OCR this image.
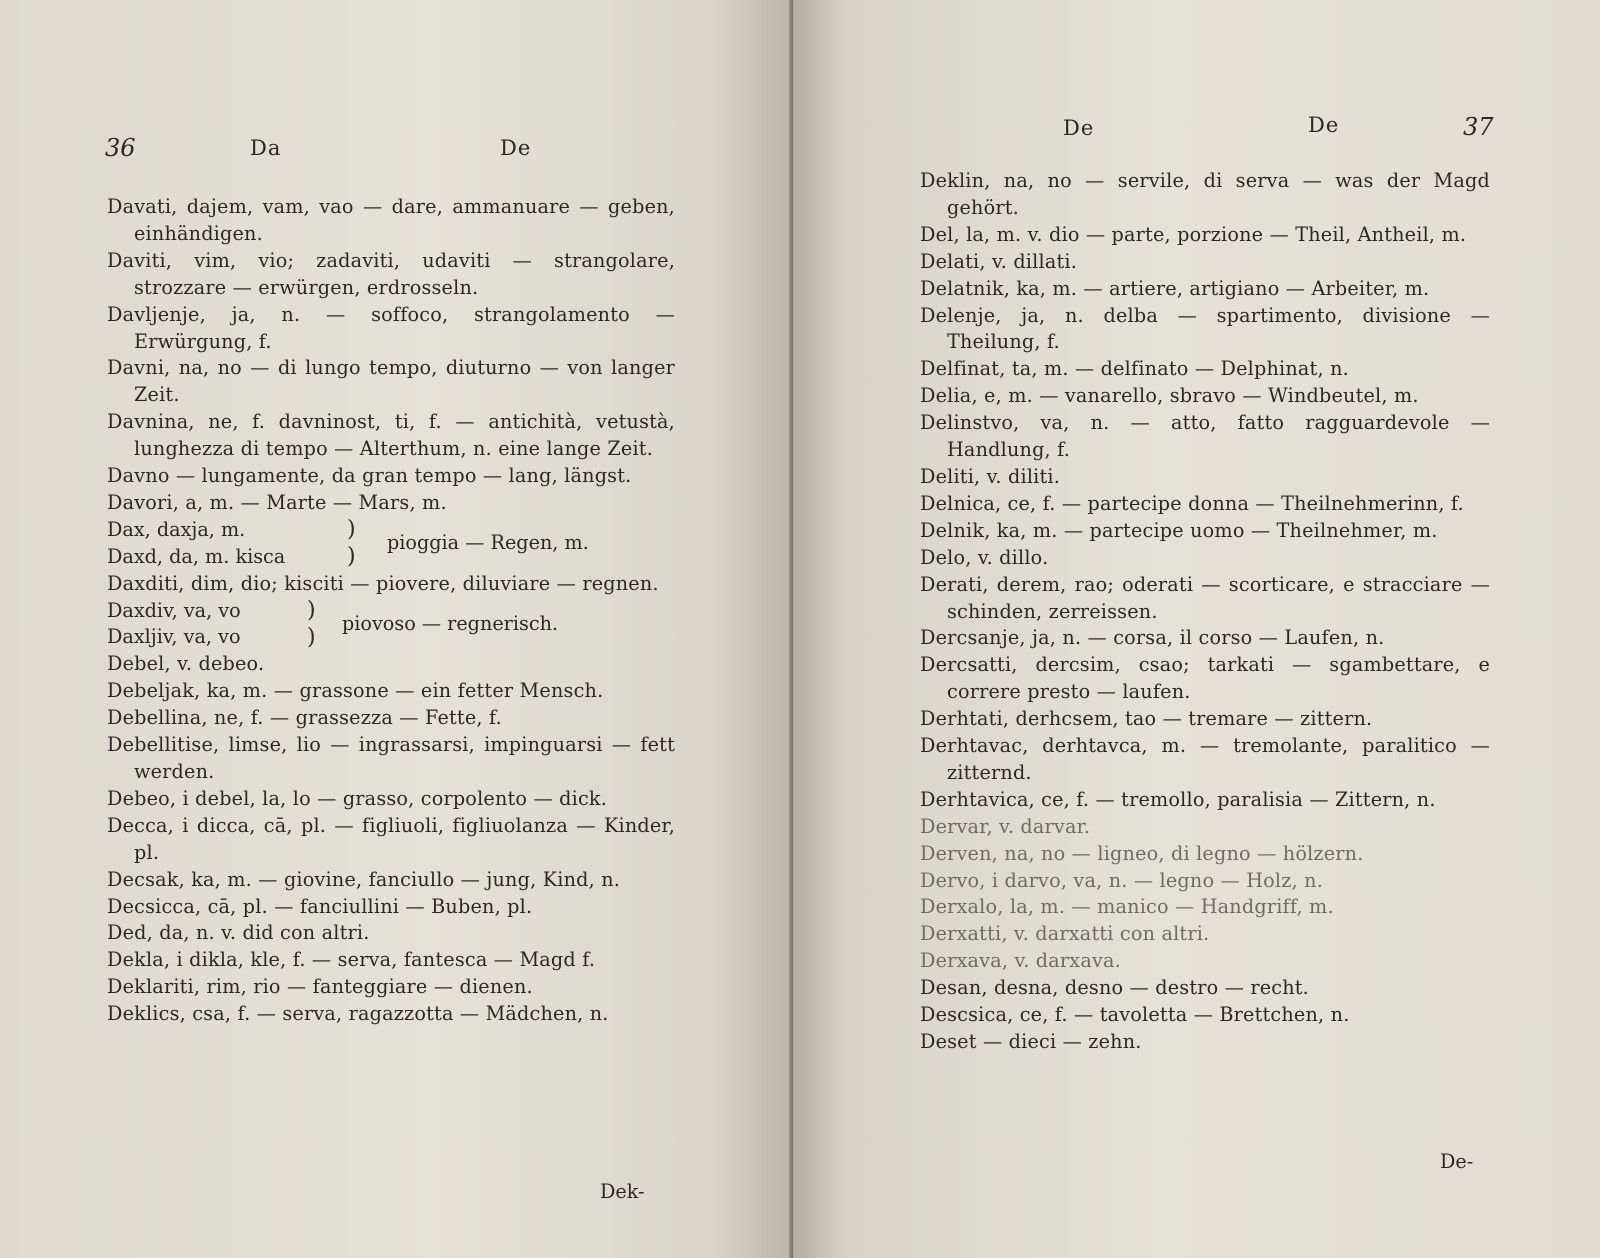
36	Da	De

Davati, dajem, vam, vao — dare, ammanuare — geben, einhändigen.

Daviti, vim, vio; zadaviti, udaviti — strangolare, strozzare — erwürgen, erdrosseln.

Davljenje, ja, n. — soffoco, strangolamento — Erwürgung, f.

Davni, na, no — di lungo tempo, diuturno — von langer Zeit.

Davnina, ne, f. davninost, ti, f. — antichità, vetustà, lunghezza di tempo — Alterthum, n. eine lange Zeit.

Davno — lungamente, da gran tempo — lang, längst.

Davori, a, m. — Marte — Mars, m.

Dax, daxja, m.
Daxd, da, m. kisca
)
)
pioggia — Regen, m.

Daxditi, dim, dio; kisciti — piovere, diluviare — regnen.

Daxdiv, va, vo
Daxljiv, va, vo
)
)
piovoso — regnerisch.

Debel, v. debeo.

Debeljak, ka, m. — grassone — ein fetter Mensch.

Debellina, ne, f. — grassezza — Fette, f.

Debellitise, limse, lio — ingrassarsi, impinguarsi — fett werden.

Debeo, i debel, la, lo — grasso, corpolento — dick.

Decca, i dicca, cā, pl. — figliuoli, figliuolanza — Kinder, pl.

Decsak, ka, m. — giovine, fanciullo — jung, Kind, n.

Decsicca, cā, pl. — fanciullini — Buben, pl.

Ded, da, n. v. did con altri.

Dekla, i dikla, kle, f. — serva, fantesca — Magd f.

Deklariti, rim, rio — fanteggiare — dienen.

Deklics, csa, f. — serva, ragazzotta — Mädchen, n.

Dek-
De	De	37

Deklin, na, no — servile, di serva — was der Magd gehört.

Del, la, m. v. dio — parte, porzione — Theil, Antheil, m.

Delati, v. dillati.

Delatnik, ka, m. — artiere, artigiano — Arbeiter, m.

Delenje, ja, n. delba — spartimento, divisione — Theilung, f.

Delfinat, ta, m. — delfinato — Delphinat, n.

Delia, e, m. — vanarello, sbravo — Windbeutel, m.

Delinstvo, va, n. — atto, fatto ragguardevole — Handlung, f.

Deliti, v. diliti.

Delnica, ce, f. — partecipe donna — Theilnehmerinn, f.

Delnik, ka, m. — partecipe uomo — Theilnehmer, m.

Delo, v. dillo.

Derati, derem, rao; oderati — scorticare, e stracciare — schinden, zerreissen.

Dercsanje, ja, n. — corsa, il corso — Laufen, n.

Dercsatti, dercsim, csao; tarkati — sgambettare, e correre presto — laufen.

Derhtati, derhcsem, tao — tremare — zittern.

Derhtavac, derhtavca, m. — tremolante, paralitico — zitternd.

Derhtavica, ce, f. — tremollo, paralisia — Zittern, n.

Dervar, v. darvar.

Derven, na, no — ligneo, di legno — hölzern.

Dervo, i darvo, va, n. — legno — Holz, n.

Derxalo, la, m. — manico — Handgriff, m.

Derxatti, v. darxatti con altri.

Derxava, v. darxava.

Desan, desna, desno — destro — recht.

Descsica, ce, f. — tavoletta — Brettchen, n.

Deset — dieci — zehn.

De-
